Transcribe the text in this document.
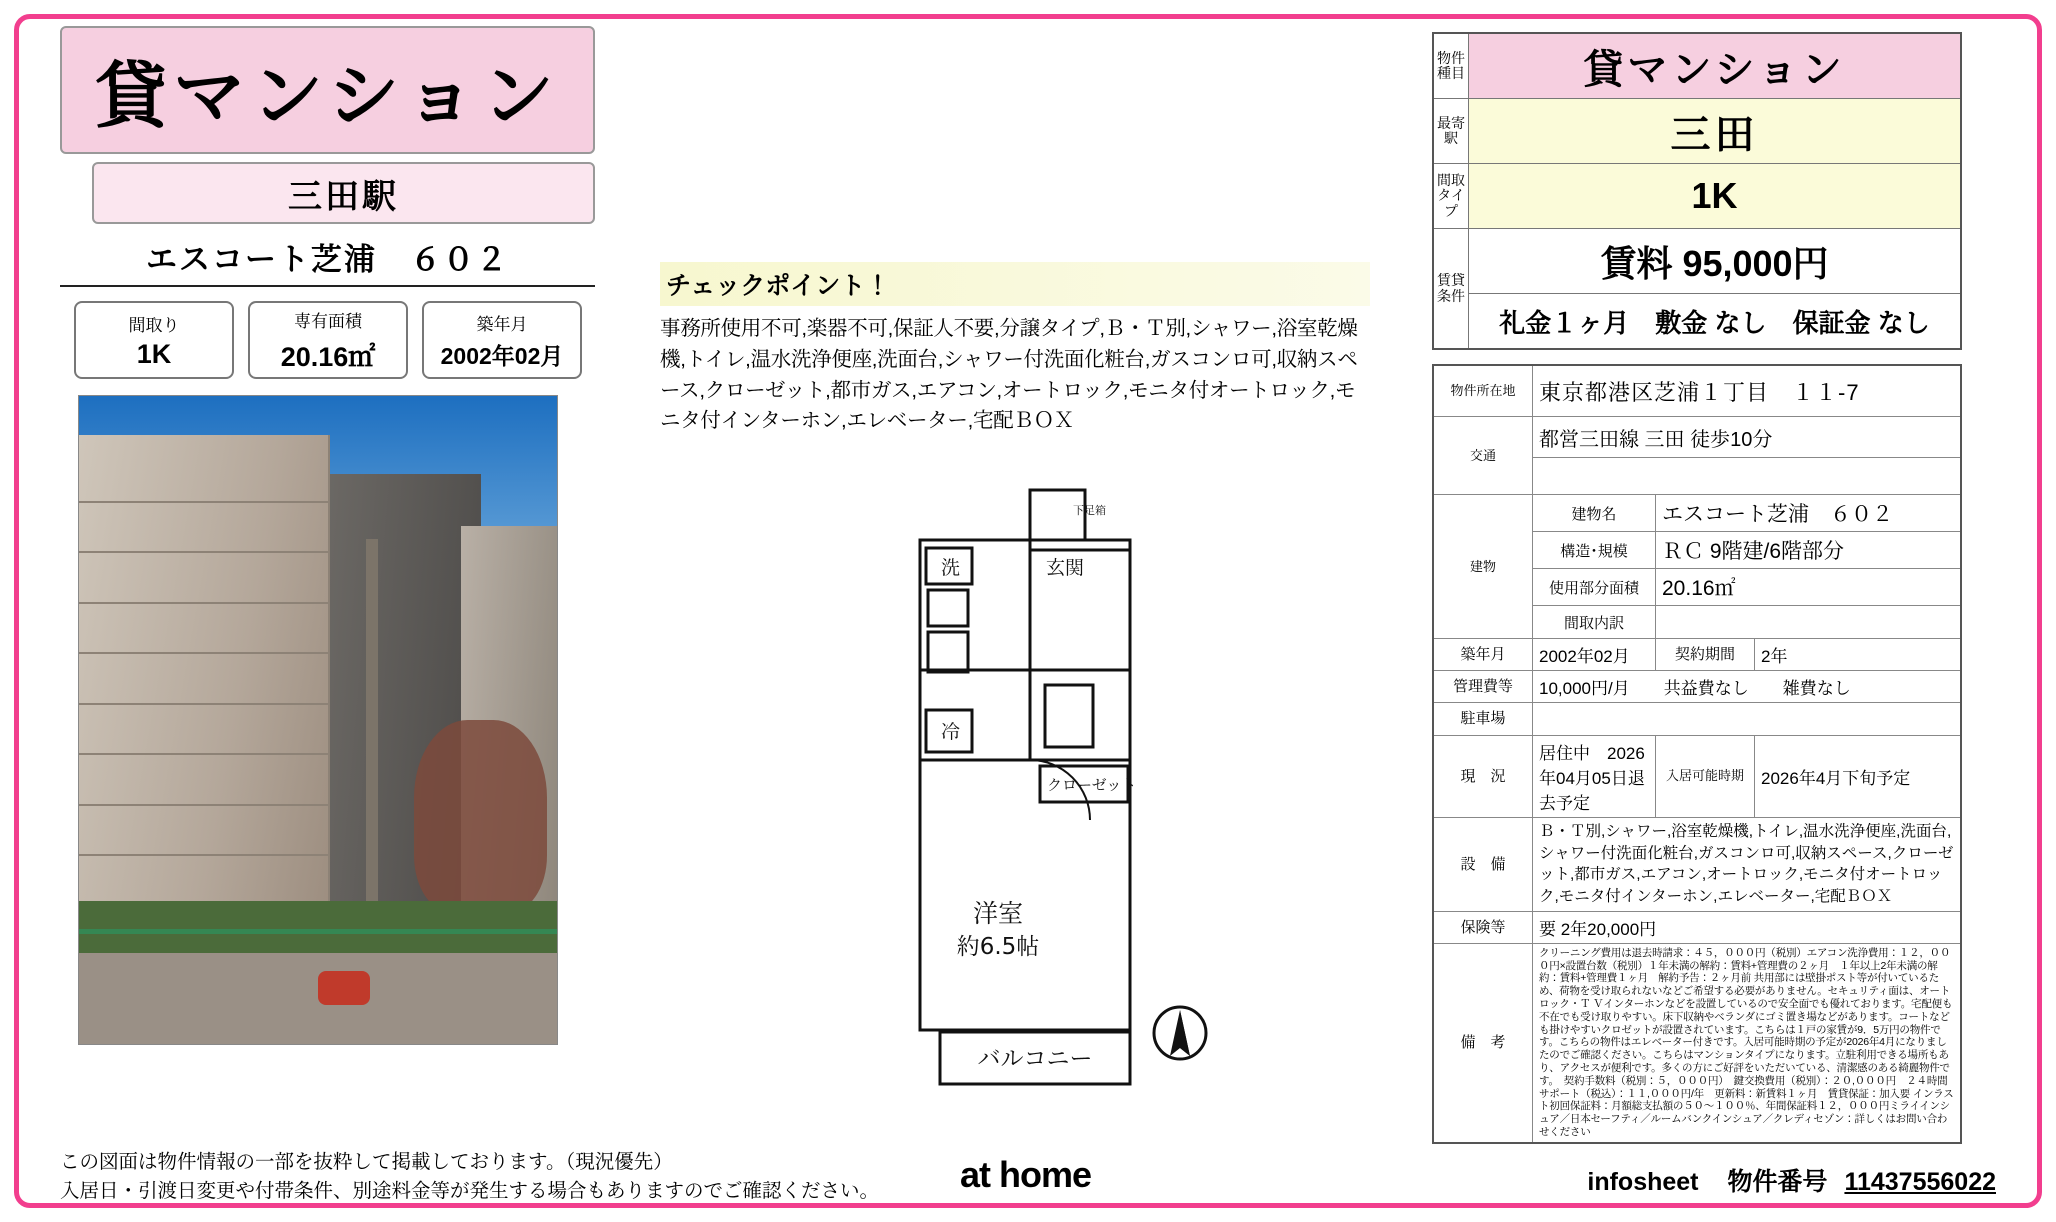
貸マンション
三田駅
エスコート芝浦　６０２
間取り
1K
専有面積
20.16㎡
築年月
2002年02月
チェックポイント！
事務所使用不可,楽器不可,保証人不要,分譲タイプ,Ｂ・Ｔ別,シャワー,浴室乾燥機,トイレ,温水洗浄便座,洗面台,シャワー付洗面化粧台,ガスコンロ可,収納スペース,クローゼット,都市ガス,エアコン,オートロック,モニタ付オートロック,モニタ付インターホン,エレベーター,宅配ＢＯＸ
洗	玄関
冷
下足箱
クローゼット
洋室
約6.5帖
バルコニー
物件種目	貸マンション
最寄駅	三田
間取タイプ	1K
賃貸条件	賃料 95,000円
	礼金１ヶ月　敷金 なし　保証金 なし
物件所在地	東京都港区芝浦１丁目　１１-7		
交通	都営三田線 三田 徒歩10分		

建物	建物名	エスコート芝浦　６０２	
	構造･規模	ＲＣ 9階建/6階部分	
	使用部分面積	20.16㎡	
	間取内訳		
築年月	2002年02月	契約期間	2年
管理費等	10,000円/月　　共益費なし　　雑費なし		
駐車場			
現　況	居住中　2026年04月05日退去予定	入居可能時期	2026年4月下旬予定
設　備	Ｂ・Ｔ別,シャワー,浴室乾燥機,トイレ,温水洗浄便座,洗面台,シャワー付洗面化粧台,ガスコンロ可,収納スペース,クローゼット,都市ガス,エアコン,オートロック,モニタ付オートロック,モニタ付インターホン,エレベーター,宅配ＢＯＸ		
保険等	要 2年20,000円		
備　考	クリーニング費用は退去時請求：４５，０００円（税別）エアコン洗浄費用：１２，０００円×設置台数（税別）１年未満の解約：賃料+管理費の２ヶ月　１年以上2年未満の解約：賃料+管理費１ヶ月　解約予告：２ヶ月前 共用部には壁掛ポスト等が付いているため、荷物を受け取られないなどご希望する必要がありません。セキュリティ面は、オートロック・Ｔ Ｖインターホンなどを設置しているので安全面でも優れております。宅配便も不在でも受け取りやすい。床下収納やベランダにゴミ置き場などがあります。コートなども掛けやすいクロゼットが設置されています。こちらは１戸の家賃が9．5万円の物件です。こちらの物件はエレベーター付きです。入居可能時期の予定が2026年4月になりましたのでご確認ください。こちらはマンションタイプになります。立駐利用できる場所もあり、アクセスが便利です。多くの方にご好評をいただいている、清潔感のある綺麗物件です。　契約手数料（税別：５，０００円）　鍵交換費用（税別）：２０,０００円　２４時間サポート（税込）：１１,０００円/年　更新料：新賃料１ヶ月　賃貸保証：加入要 インラスト初回保証料：月額総支払額の５０〜１００％、年間保証料１２，０００円ミライインシュア／日本セーフティ／ルームバンクインシュア／クレディセゾン：詳しくはお問い合わせください		
この図面は物件情報の一部を抜粋して掲載しております。（現況優先）
入居日・引渡日変更や付帯条件、別途料金等が発生する場合もありますのでご確認ください。	at home	infosheet 物件番号 11437556022
